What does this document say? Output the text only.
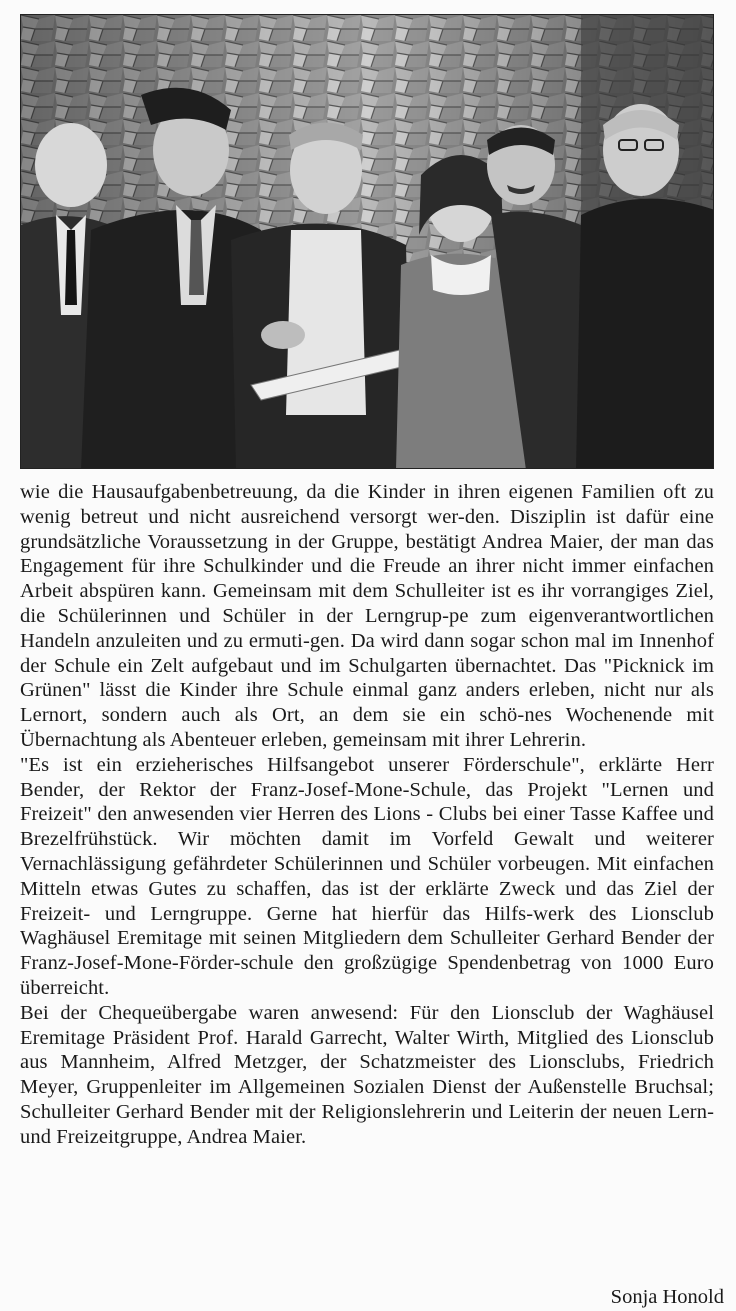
wie die Hausaufgabenbetreuung, da die Kinder in ihren eigenen Familien oft zu wenig betreut und nicht ausreichend versorgt wer-den. Disziplin ist dafür eine grundsätzliche Voraussetzung in der Gruppe, bestätigt Andrea Maier, der man das Engagement für ihre Schulkinder und die Freude an ihrer nicht immer einfachen Arbeit abspüren kann. Gemeinsam mit dem Schulleiter ist es ihr vorrangiges Ziel, die Schülerinnen und Schüler in der Lerngrup-pe zum eigenverantwortlichen Handeln anzuleiten und zu ermuti-gen. Da wird dann sogar schon mal im Innenhof der Schule ein Zelt aufgebaut und im Schulgarten übernachtet. Das "Picknick im Grünen" lässt die Kinder ihre Schule einmal ganz anders erleben, nicht nur als Lernort, sondern auch als Ort, an dem sie ein schö-nes Wochenende mit Übernachtung als Abenteuer erleben, gemeinsam mit ihrer Lehrerin.

"Es ist ein erzieherisches Hilfsangebot unserer Förderschule", erklärte Herr Bender, der Rektor der Franz-Josef-Mone-Schule, das Projekt "Lernen und Freizeit" den anwesenden vier Herren des Lions - Clubs bei einer Tasse Kaffee und Brezelfrühstück. Wir möchten damit im Vorfeld Gewalt und weiterer Vernachlässigung gefährdeter Schülerinnen und Schüler vorbeugen. Mit einfachen Mitteln etwas Gutes zu schaffen, das ist der erklärte Zweck und das Ziel der Freizeit- und Lerngruppe. Gerne hat hierfür das Hilfs-werk des Lionsclub Waghäusel Eremitage mit seinen Mitgliedern dem Schulleiter Gerhard Bender der Franz-Josef-Mone-Förder-schule den großzügige Spendenbetrag von 1000 Euro überreicht.

Bei der Chequeübergabe waren anwesend: Für den Lionsclub der Waghäusel Eremitage Präsident Prof. Harald Garrecht, Walter Wirth, Mitglied des Lionsclub aus Mannheim, Alfred Metzger, der Schatzmeister des Lionsclubs, Friedrich Meyer, Gruppenleiter im Allgemeinen Sozialen Dienst der Außenstelle Bruchsal; Schulleiter Gerhard Bender mit der Religionslehrerin und Leiterin der neuen Lern- und Freizeitgruppe, Andrea Maier.

Sonja Honold
